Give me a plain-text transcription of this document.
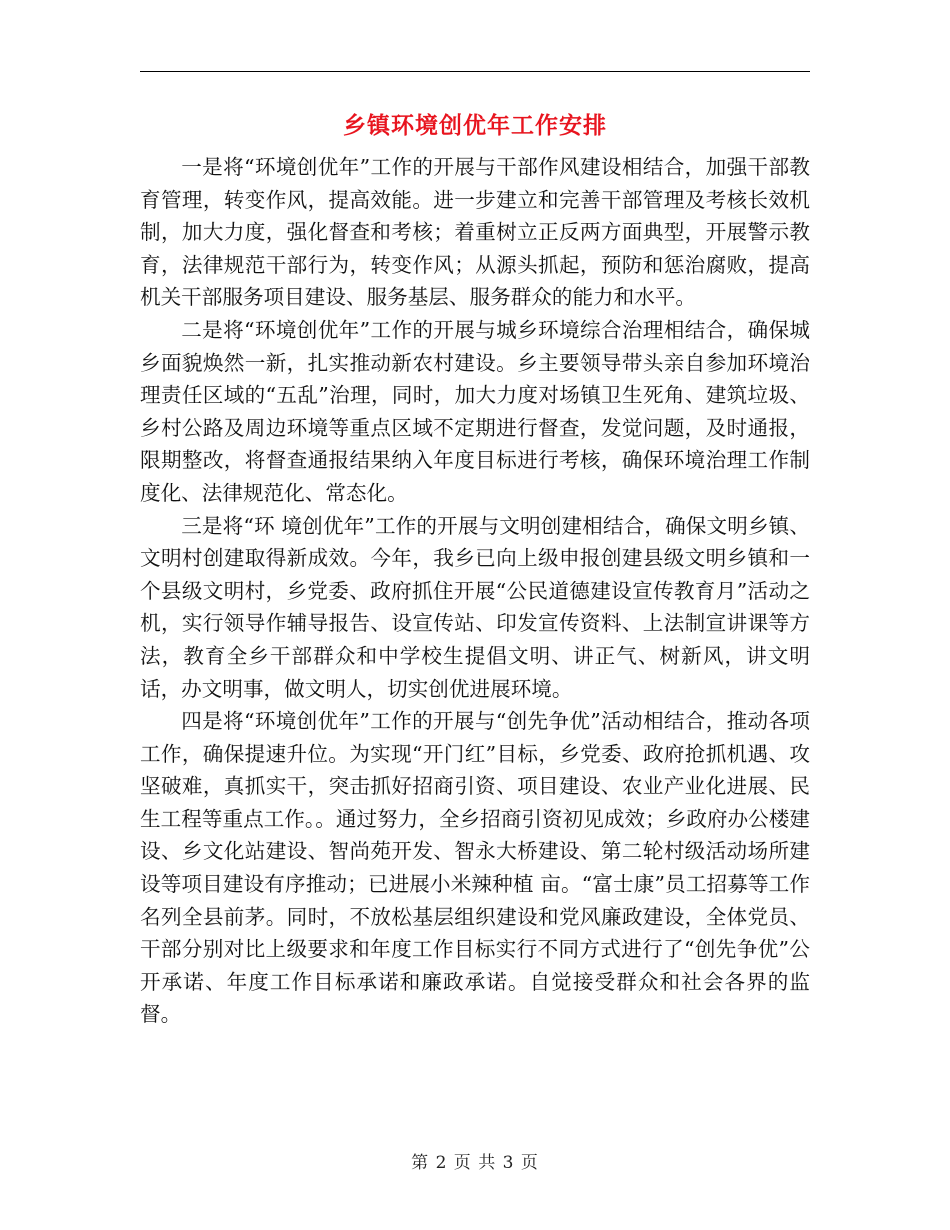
乡镇环境创优年工作安排

一是将“环境创优年”工作的开展与干部作风建设相结合，加强干部教育管理，转变作风，提高效能。进一步建立和完善干部管理及考核长效机制，加大力度，强化督查和考核；着重树立正反两方面典型，开展警示教育，法律规范干部行为，转变作风；从源头抓起，预防和惩治腐败，提高机关干部服务项目建设、服务基层、服务群众的能力和水平。

二是将“环境创优年”工作的开展与城乡环境综合治理相结合，确保城乡面貌焕然一新，扎实推动新农村建设。乡主要领导带头亲自参加环境治理责任区域的“五乱”治理，同时，加大力度对场镇卫生死角、建筑垃圾、乡村公路及周边环境等重点区域不定期进行督查，发觉问题，及时通报，限期整改，将督查通报结果纳入年度目标进行考核，确保环境治理工作制度化、法律规范化、常态化。

三是将“环 境创优年”工作的开展与文明创建相结合，确保文明乡镇、文明村创建取得新成效。今年，我乡已向上级申报创建县级文明乡镇和一个县级文明村，乡党委、政府抓住开展“公民道德建设宣传教育月”活动之机，实行领导作辅导报告、设宣传站、印发宣传资料、上法制宣讲课等方法，教育全乡干部群众和中学校生提倡文明、讲正气、树新风，讲文明话，办文明事，做文明人，切实创优进展环境。

四是将“环境创优年”工作的开展与“创先争优”活动相结合，推动各项工作，确保提速升位。为实现“开门红”目标，乡党委、政府抢抓机遇、攻坚破难，真抓实干，突击抓好招商引资、项目建设、农业产业化进展、民生工程等重点工作。。通过努力，全乡招商引资初见成效；乡政府办公楼建设、乡文化站建设、智尚苑开发、智永大桥建设、第二轮村级活动场所建设等项目建设有序推动；已进展小米辣种植 亩。“富士康”员工招募等工作名列全县前茅。同时，不放松基层组织建设和党风廉政建设，全体党员、干部分别对比上级要求和年度工作目标实行不同方式进行了“创先争优”公开承诺、年度工作目标承诺和廉政承诺。自觉接受群众和社会各界的监督。

第 2 页 共 3 页
